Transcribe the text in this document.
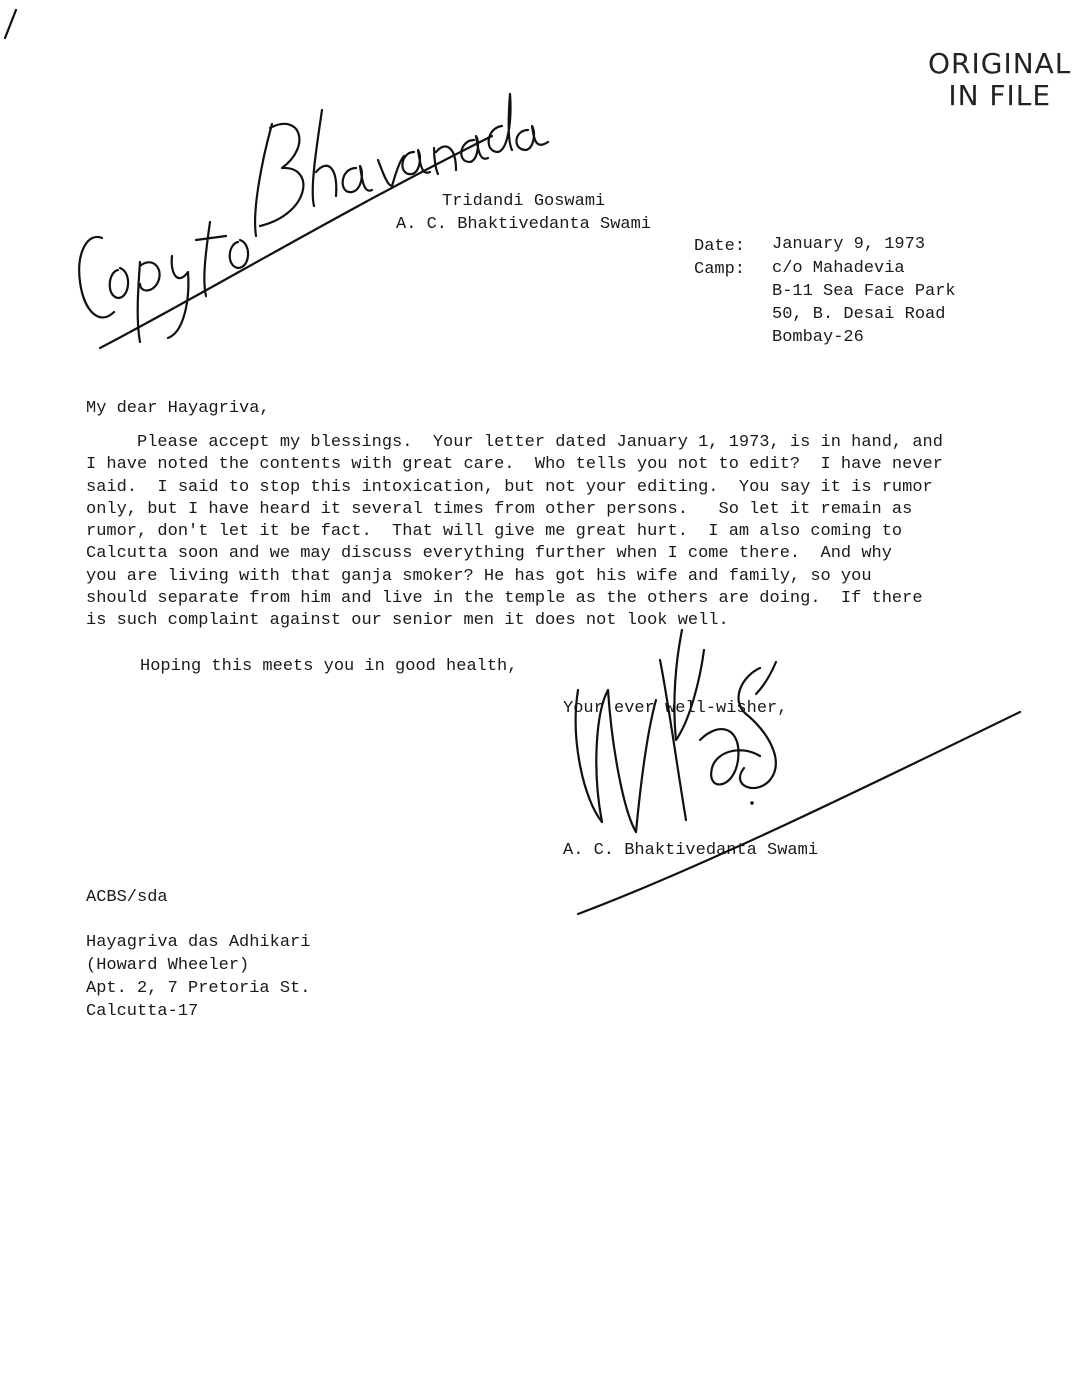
ORIGINAL
IN FILE
Tridandi Goswami
A. C. Bhaktivedanta Swami
Date: January 9, 1973
Camp: c/o Mahadevia
B-11 Sea Face Park
50, B. Desai Road
Bombay-26
My dear Hayagriva,
Please accept my blessings.  Your letter dated January 1, 1973, is in hand, and
I have noted the contents with great care.  Who tells you not to edit?  I have never
said.  I said to stop this intoxication, but not your editing.  You say it is rumor
only, but I have heard it several times from other persons.   So let it remain as
rumor, don't let it be fact.  That will give me great hurt.  I am also coming to
Calcutta soon and we may discuss everything further when I come there.  And why
you are living with that ganja smoker? He has got his wife and family, so you
should separate from him and live in the temple as the others are doing.  If there
is such complaint against our senior men it does not look well.
Hoping this meets you in good health,
Your ever well-wisher,
A. C. Bhaktivedanta Swami
ACBS/sda
Hayagriva das Adhikari
(Howard Wheeler)
Apt. 2, 7 Pretoria St.
Calcutta-17
